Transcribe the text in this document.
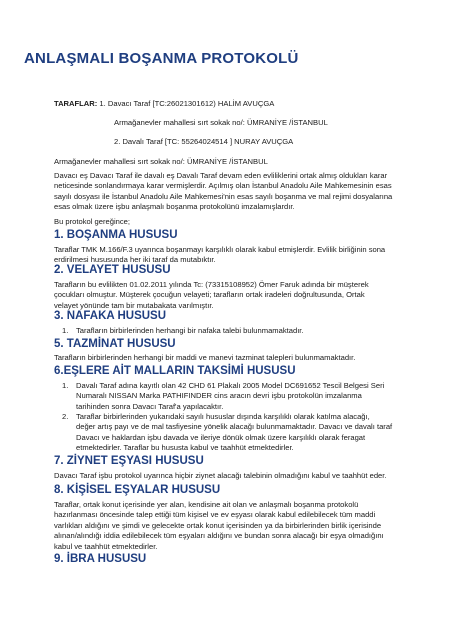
ANLAŞMALI BOŞANMA PROTOKOLÜ
TARAFLAR: 1. Davacı Taraf [TC:26021301612) HALİM AVUÇGA
Armağanevler mahallesi sırt sokak no/: ÜMRANİYE /İSTANBUL
2. Davalı Taraf [TC: 55264024514 ] NURAY AVUÇGA
Armağanevler mahallesi sırt sokak no/: ÜMRANİYE /İSTANBUL
Davacı eş Davacı Taraf ile davalı eş Davalı Taraf devam eden evliliklerini ortak almış oldukları karar
neticesinde sonlandırmaya karar vermişlerdir. Açılmış olan İstanbul Anadolu Aile Mahkemesinin esas
sayılı dosyası ile İstanbul Anadolu Aile Mahkemesi'nin esas sayılı boşanma ve mal rejimi dosyalarına
esas olmak üzere işbu anlaşmalı boşanma protokolünü imzalamışlardır.
Bu protokol gereğince;
1. BOŞANMA HUSUSU
Taraflar TMK M.166/F.3 uyarınca boşanmayı karşılıklı olarak kabul etmişlerdir. Evlilik birliğinin sona
erdirilmesi hususunda her iki taraf da mutabıktır.
2. VELAYET HUSUSU
Tarafların bu evlilikten 01.02.2011 yılında Tc: (73315108952) Ömer Faruk adında bir müşterek
çocukları olmuştur. Müşterek çocuğun velayeti; tarafların ortak iradeleri doğrultusunda, Ortak
velayet yönünde tam bir mutabakata varılmıştır.
3. NAFAKA HUSUSU
1.	Tarafların birbirlerinden herhangi bir nafaka talebi bulunmamaktadır.
5. TAZMİNAT HUSUSU
Tarafların birbirlerinden herhangi bir maddi ve manevi tazminat talepleri bulunmamaktadır.
6.EŞLERE AİT MALLARIN TAKSİMİ HUSUSU
1.	Davalı Taraf adına kayıtlı olan 42 CHD 61 Plakalı 2005 Model DC691652 Tescil Belgesi Seri
Numaralı NISSAN Marka PATHIFINDER cins aracın devri işbu protokolün imzalanma
tarihinden sonra Davacı Taraf'a yapılacaktır.
2.	Taraflar birbirlerinden yukarıdaki sayılı hususlar dışında karşılıklı olarak katılma alacağı,
değer artış payı ve de mal tasfiyesine yönelik alacağı bulunmamaktadır. Davacı ve davalı taraf
Davacı ve haklardan işbu davada ve ileriye dönük olmak üzere karşılıklı olarak feragat
etmektedirler. Taraflar bu hususta kabul ve taahhüt etmektedirler.
7. ZİYNET EŞYASI HUSUSU
Davacı Taraf işbu protokol uyarınca hiçbir ziynet alacağı talebinin olmadığını kabul ve taahhüt eder.
8. KİŞİSEL EŞYALAR HUSUSU
Taraflar, ortak konut içerisinde yer alan, kendisine ait olan ve anlaşmalı boşanma protokolü
hazırlanması öncesinde talep ettiği tüm kişisel ve ev eşyası olarak kabul edilebilecek tüm maddi
varlıkları aldığını ve şimdi ve gelecekte ortak konut içerisinden ya da birbirlerinden birlik içerisinde
alınan/alındığı iddia edilebilecek tüm eşyaları aldığını ve bundan sonra alacağı bir eşya olmadığını
kabul ve taahhüt etmektedirler.
9. İBRA HUSUSU
